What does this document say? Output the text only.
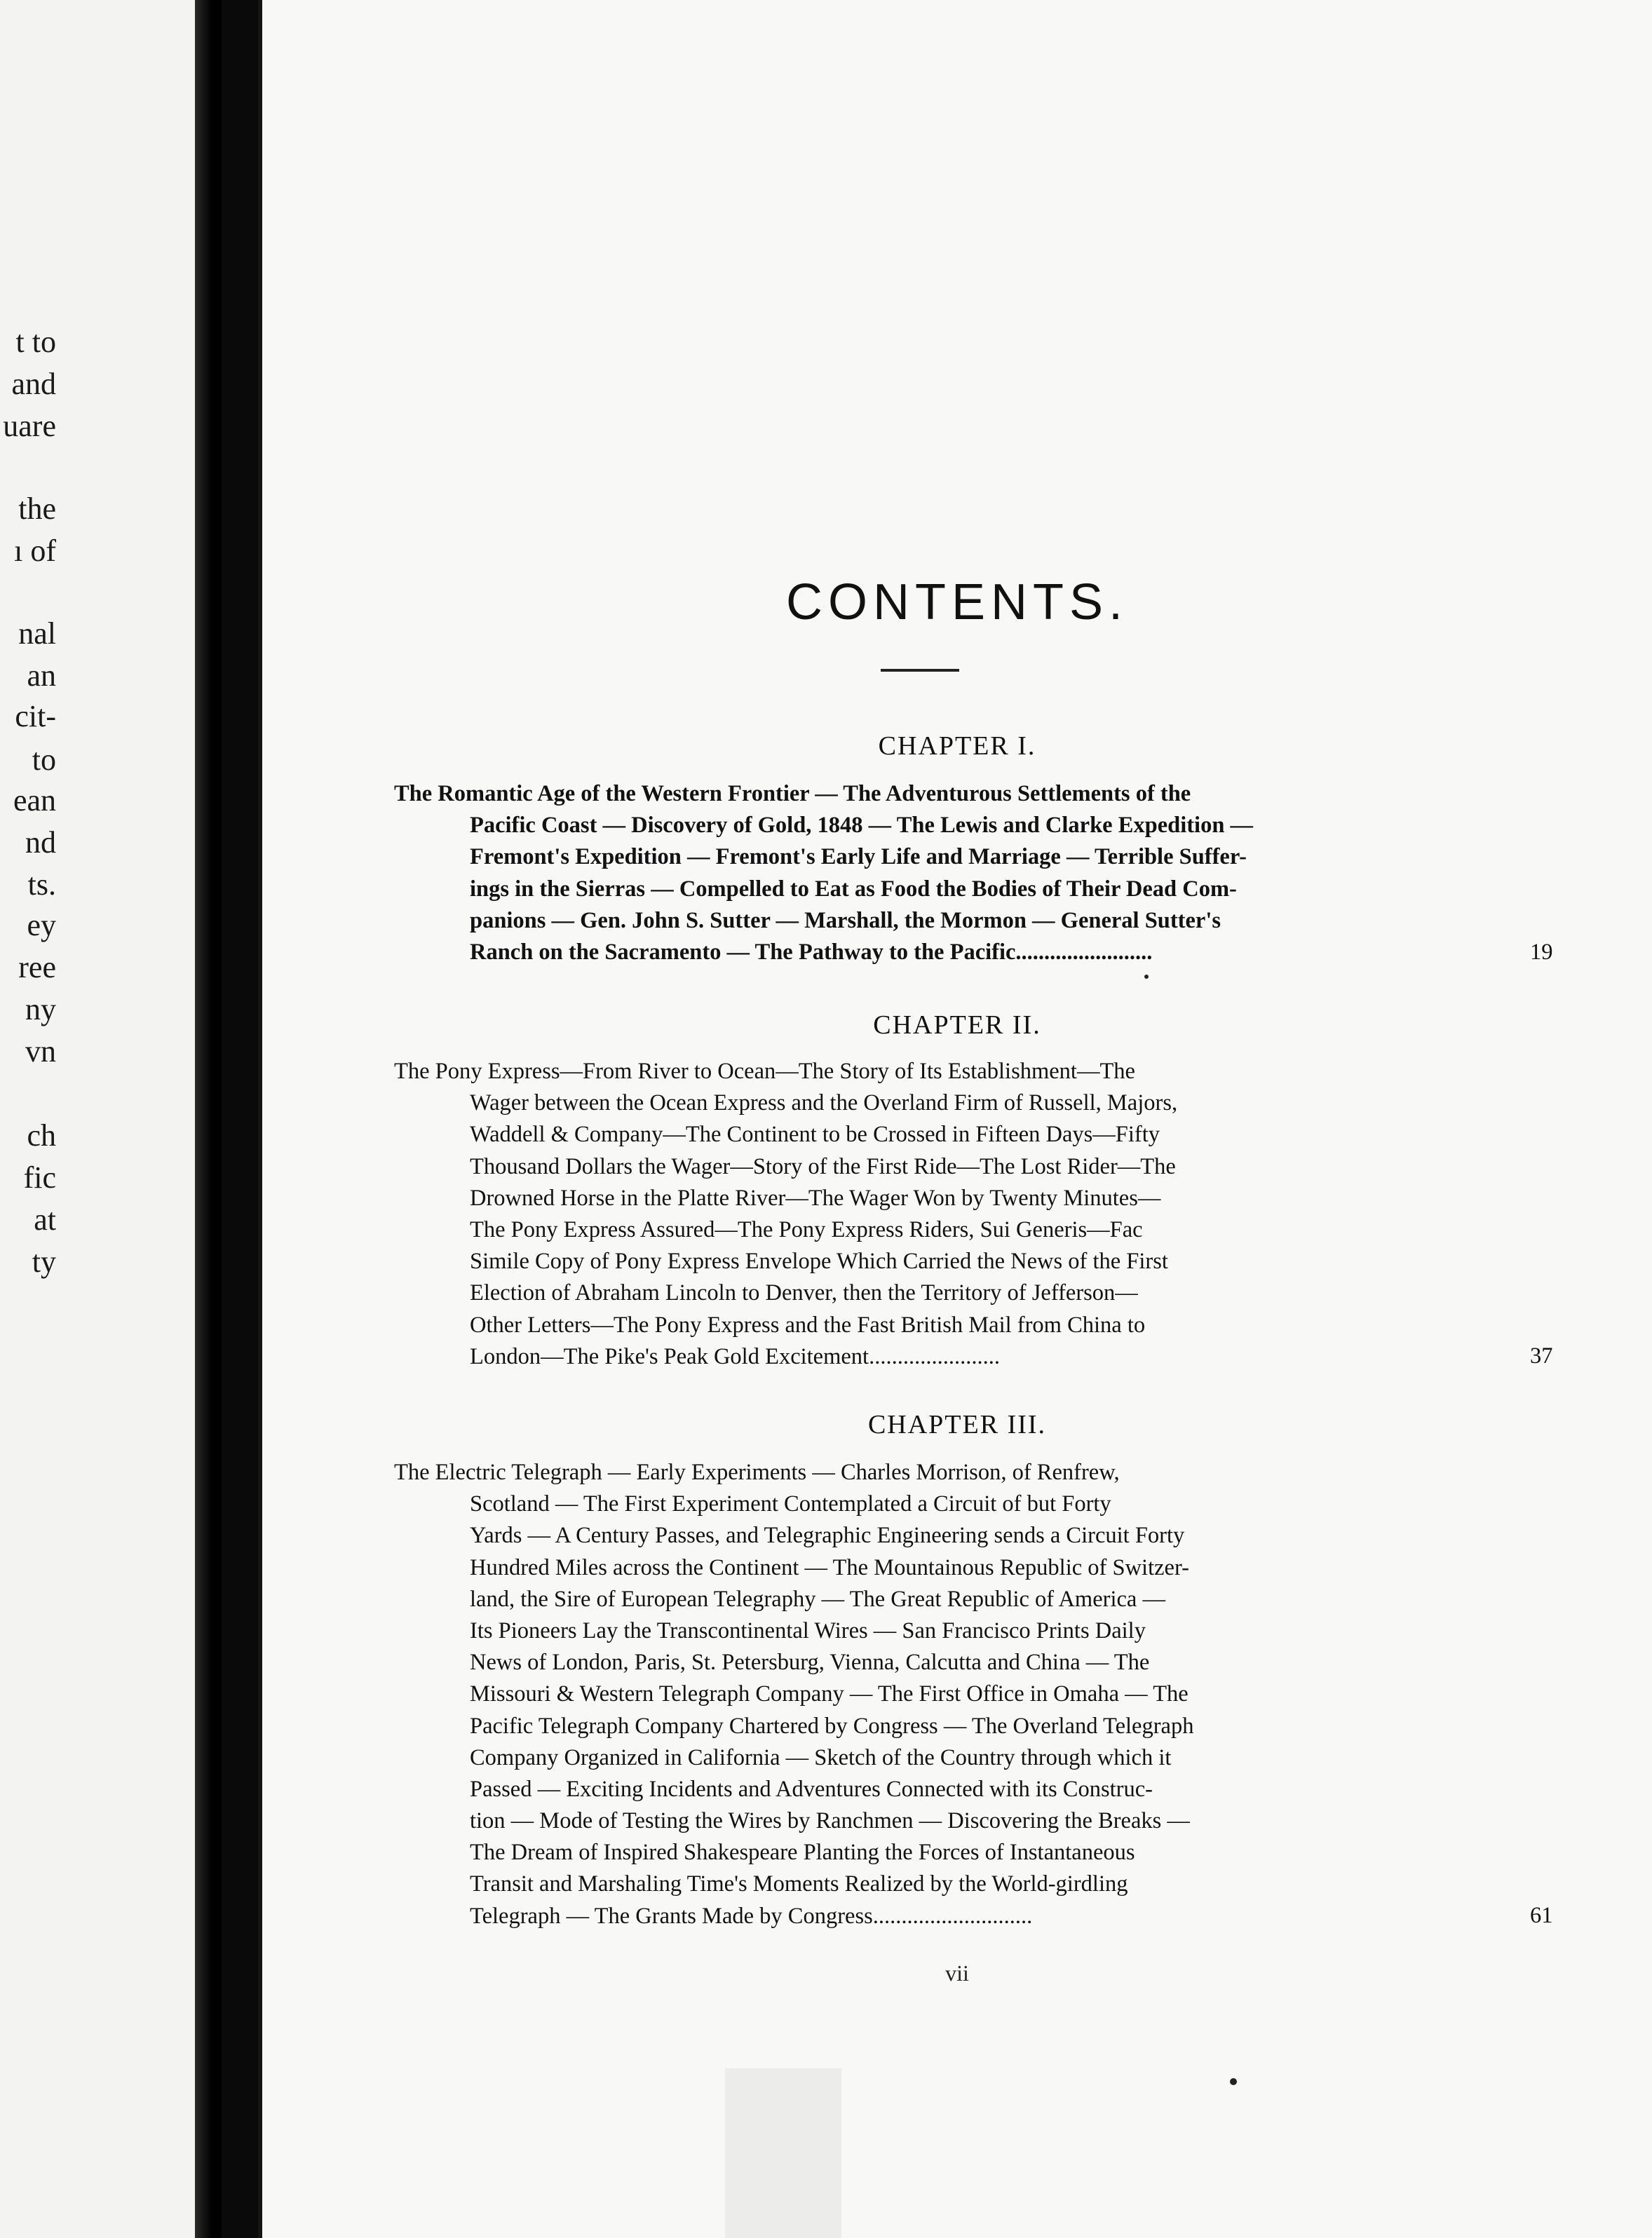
t to
and
uare
the
ı of
nal
an
cit-
to
ean
nd
ts.
ey
ree
ny
vn
ch
fic
at
ty
CONTENTS.
CHAPTER I.
The Romantic Age of the Western Frontier — The Adventurous Settlements of the
Pacific Coast — Discovery of Gold, 1848 — The Lewis and Clarke Expedition —
Fremont's Expedition — Fremont's Early Life and Marriage — Terrible Suffer-
ings in the Sierras — Compelled to Eat as Food the Bodies of Their Dead Com-
panions — Gen. John S. Sutter — Marshall, the Mormon — General Sutter's
Ranch on the Sacramento — The Pathway to the Pacific........................	19
CHAPTER II.
The Pony Express—From River to Ocean—The Story of Its Establishment—The
Wager between the Ocean Express and the Overland Firm of Russell, Majors,
Waddell & Company—The Continent to be Crossed in Fifteen Days—Fifty
Thousand Dollars the Wager—Story of the First Ride—The Lost Rider—The
Drowned Horse in the Platte River—The Wager Won by Twenty Minutes—
The Pony Express Assured—The Pony Express Riders, Sui Generis—Fac
Simile Copy of Pony Express Envelope Which Carried the News of the First
Election of Abraham Lincoln to Denver, then the Territory of Jefferson—
Other Letters—The Pony Express and the Fast British Mail from China to
London—The Pike's Peak Gold Excitement.......................	37
CHAPTER III.
The Electric Telegraph — Early Experiments — Charles Morrison, of Renfrew,
Scotland — The First Experiment Contemplated a Circuit of but Forty
Yards — A Century Passes, and Telegraphic Engineering sends a Circuit Forty
Hundred Miles across the Continent — The Mountainous Republic of Switzer-
land, the Sire of European Telegraphy — The Great Republic of America —
Its Pioneers Lay the Transcontinental Wires — San Francisco Prints Daily
News of London, Paris, St. Petersburg, Vienna, Calcutta and China — The
Missouri & Western Telegraph Company — The First Office in Omaha — The
Pacific Telegraph Company Chartered by Congress — The Overland Telegraph
Company Organized in California — Sketch of the Country through which it
Passed — Exciting Incidents and Adventures Connected with its Construc-
tion — Mode of Testing the Wires by Ranchmen — Discovering the Breaks —
The Dream of Inspired Shakespeare Planting the Forces of Instantaneous
Transit and Marshaling Time's Moments Realized by the World-girdling
Telegraph — The Grants Made by Congress............................	61
vii
